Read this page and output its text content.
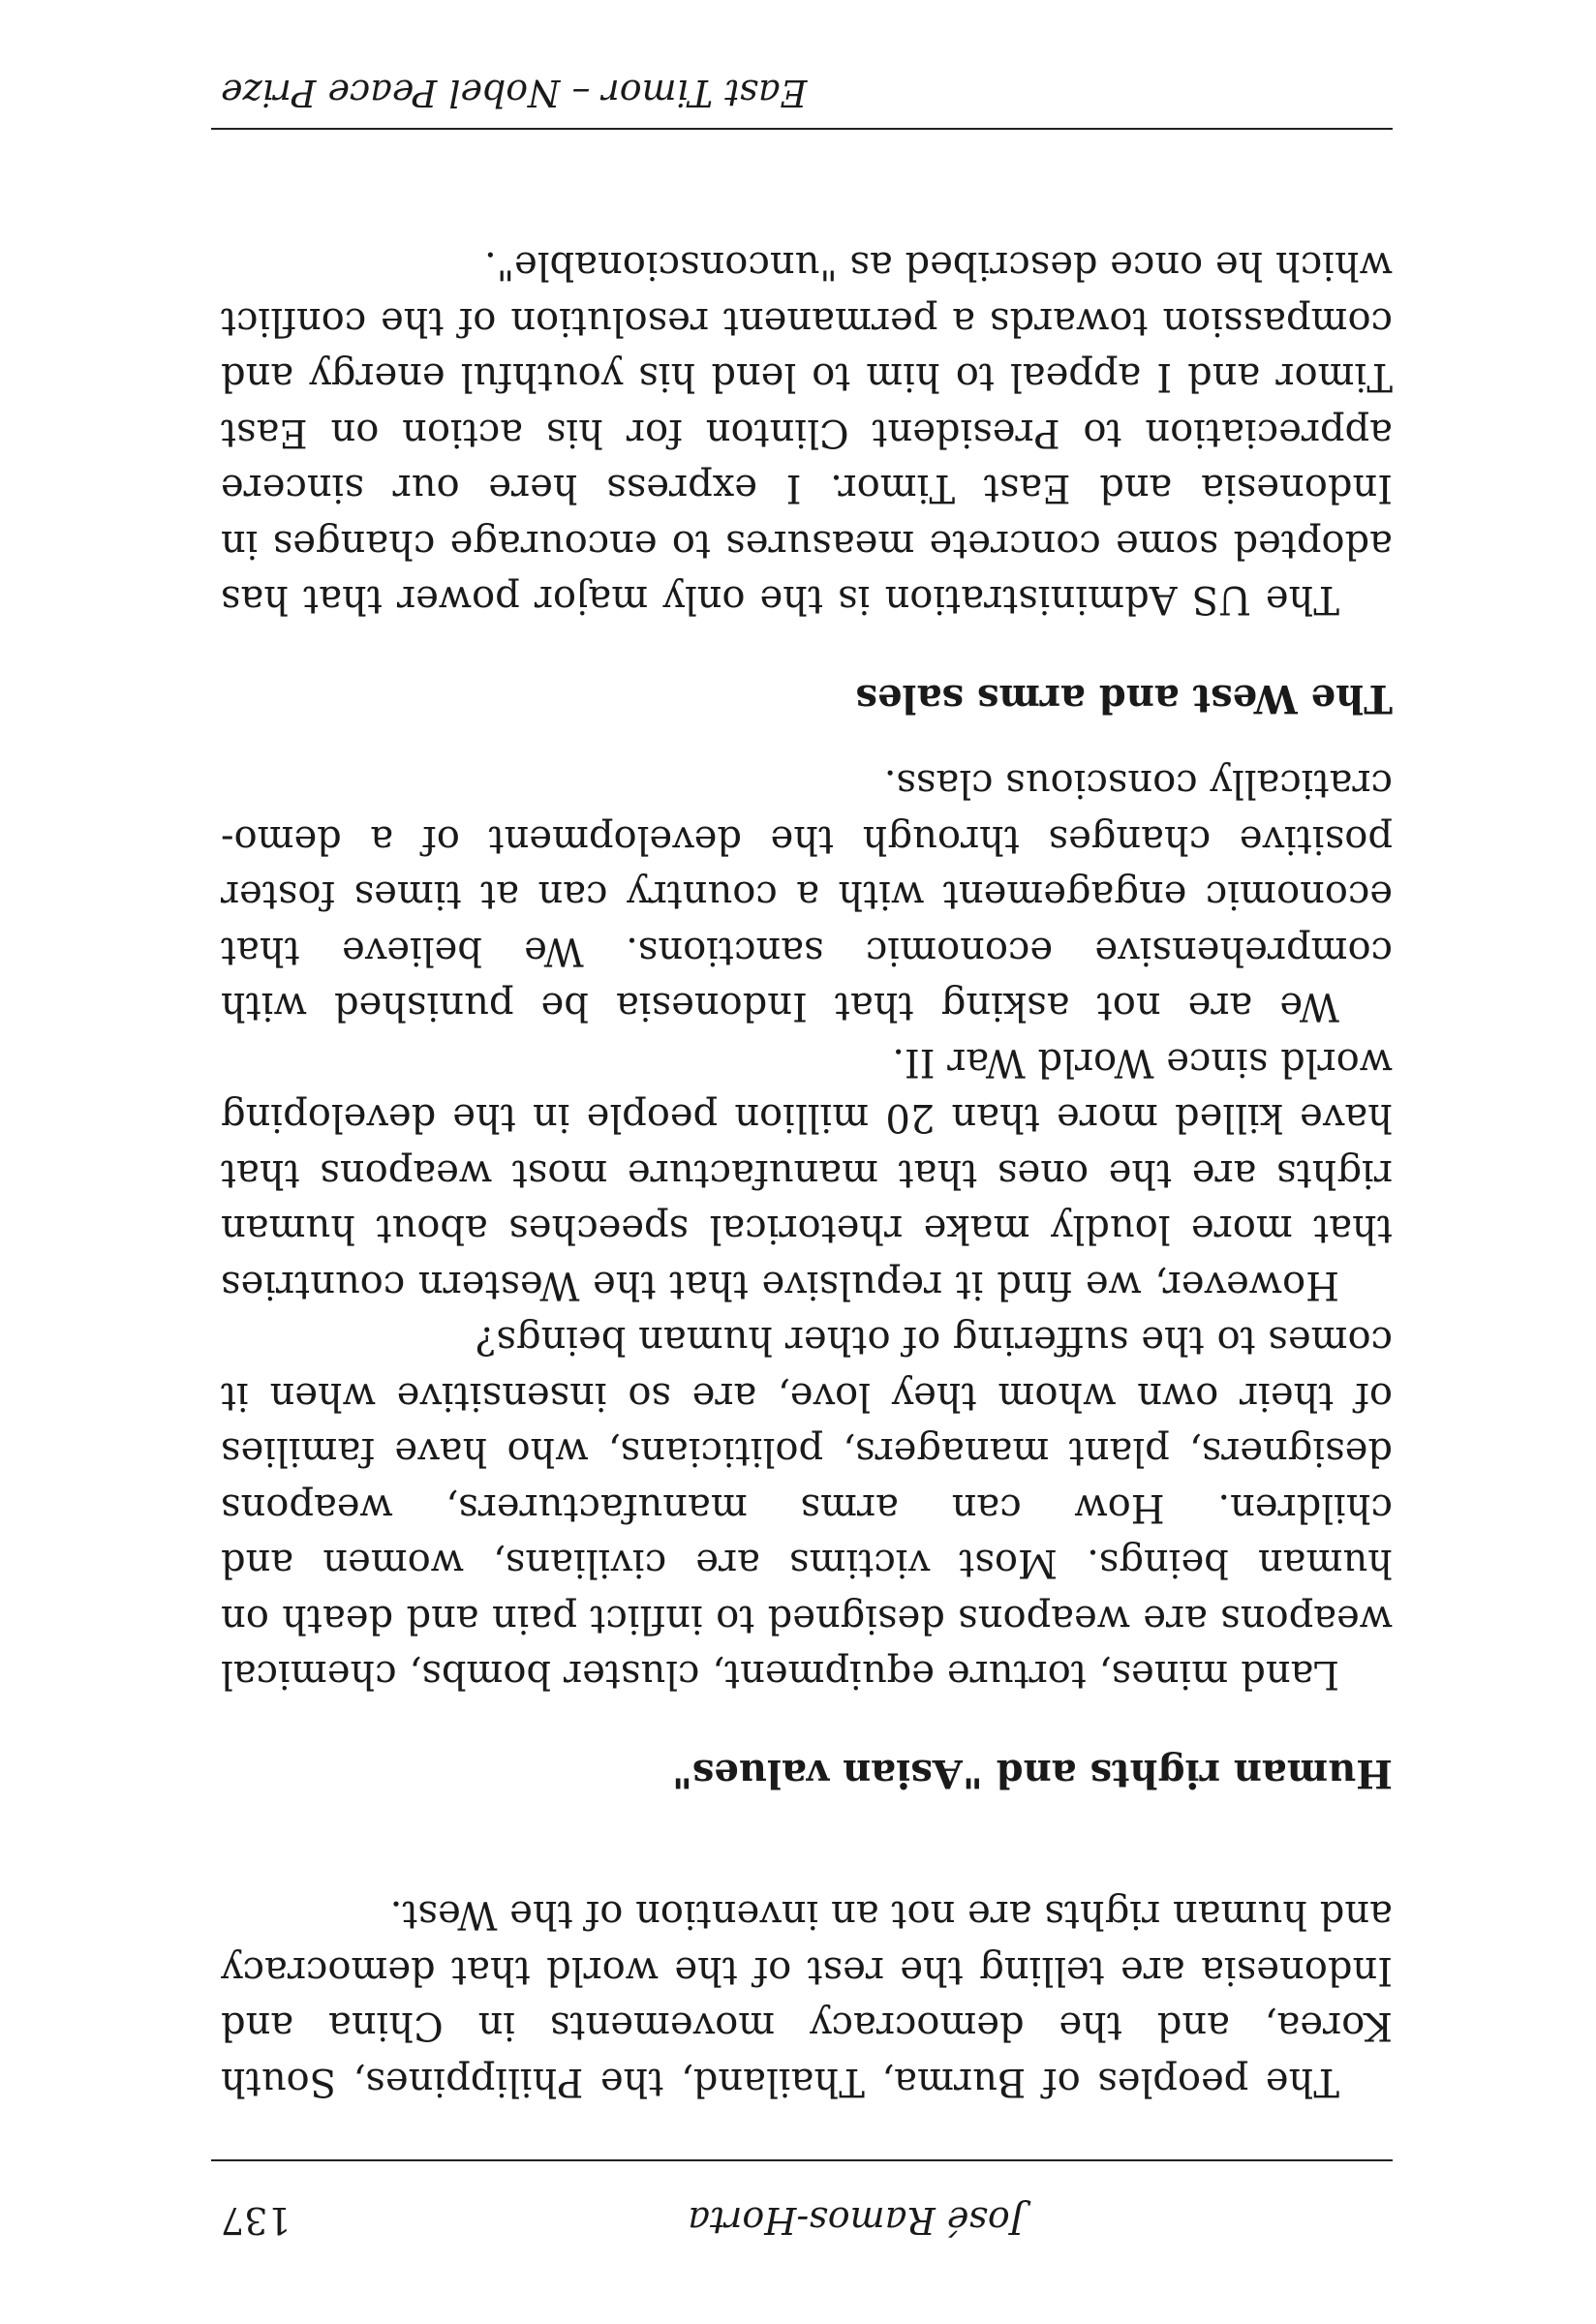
José Ramos-Horta
137

The peoples of Burma, Thailand, the Philippines, South Korea, and the democracy movements in China and Indonesia are telling the rest of the world that democracy and human rights are not an invention of the West.

Human rights and "Asian values"

Land mines, torture equipment, cluster bombs, chemical weapons are weapons designed to inflict pain and death on human beings. Most victims are civilians, women and children. How can arms manufacturers, weapons designers, plant managers, politicians, who have families of their own whom they love, are so insensitive when it comes to the suffering of other human beings?

However, we find it repulsive that the Western countries that more loudly make rhetorical speeches about human rights are the ones that manufacture most weapons that have killed more than 20 million people in the developing world since World War II.

We are not asking that Indonesia be punished with comprehensive economic sanctions. We believe that economic engagement with a country can at times foster positive changes through the development of a demo-cratically conscious class.

The West and arms sales

The US Administration is the only major power that has adopted some concrete measures to encourage changes in Indonesia and East Timor. I express here our sincere appreciation to President Clinton for his action on East Timor and I appeal to him to lend his youthful energy and compassion towards a permanent resolution of the conflict which he once described as "unconscionable".

East Timor – Nobel Peace Prize
